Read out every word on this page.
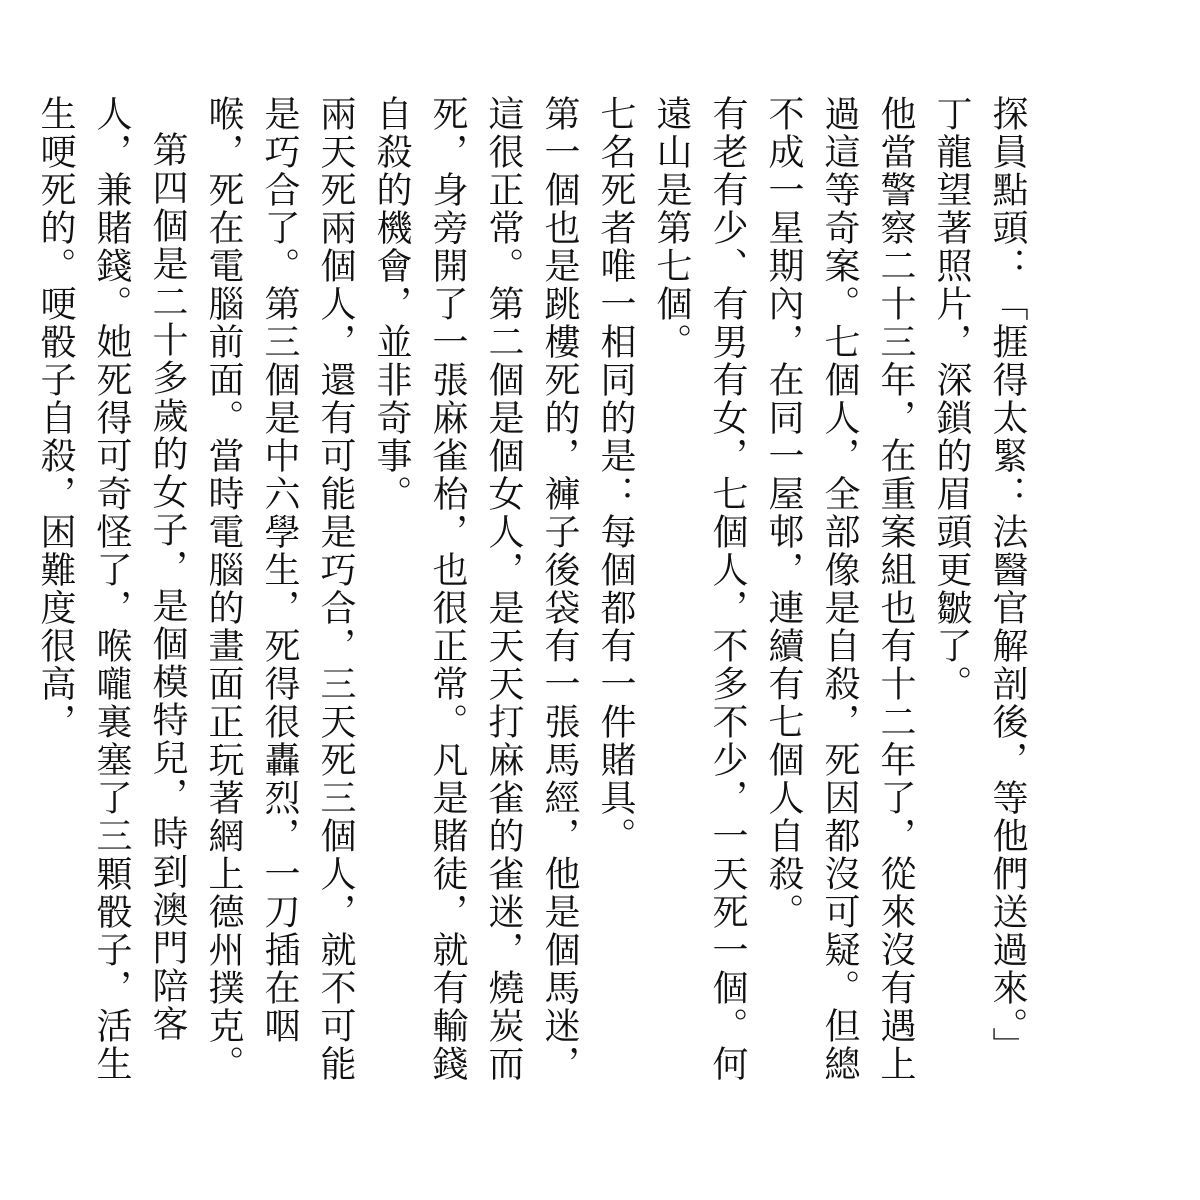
探員點頭：「捱得太緊：法醫官解剖後，等他們送過來。」

丁龍望著照片，深鎖的眉頭更皺了。

他當警察二十三年，在重案組也有十二年了，從來沒有遇上過這等奇案。七個人，全部像是自殺，死因都沒可疑。但總不成一星期內，在同一屋邨，連續有七個人自殺。

有老有少、有男有女，七個人，不多不少，一天死一個。何遠山是第七個。

七名死者唯一相同的是：每個都有一件賭具。

第一個也是跳樓死的，褲子後袋有一張馬經，他是個馬迷，這很正常。第二個是個女人，是天天打麻雀的雀迷，燒炭而死，身旁開了一張麻雀枱，也很正常。凡是賭徒，就有輸錢自殺的機會，並非奇事。

兩天死兩個人，還有可能是巧合，三天死三個人，就不可能是巧合了。第三個是中六學生，死得很轟烈，一刀插在咽喉，死在電腦前面。當時電腦的畫面正玩著網上德州撲克。

第四個是二十多歲的女子，是個模特兒，時到澳門陪客人，兼賭錢。她死得可奇怪了，喉嚨裏塞了三顆骰子，活生生哽死的。哽骰子自殺，困難度很高，
